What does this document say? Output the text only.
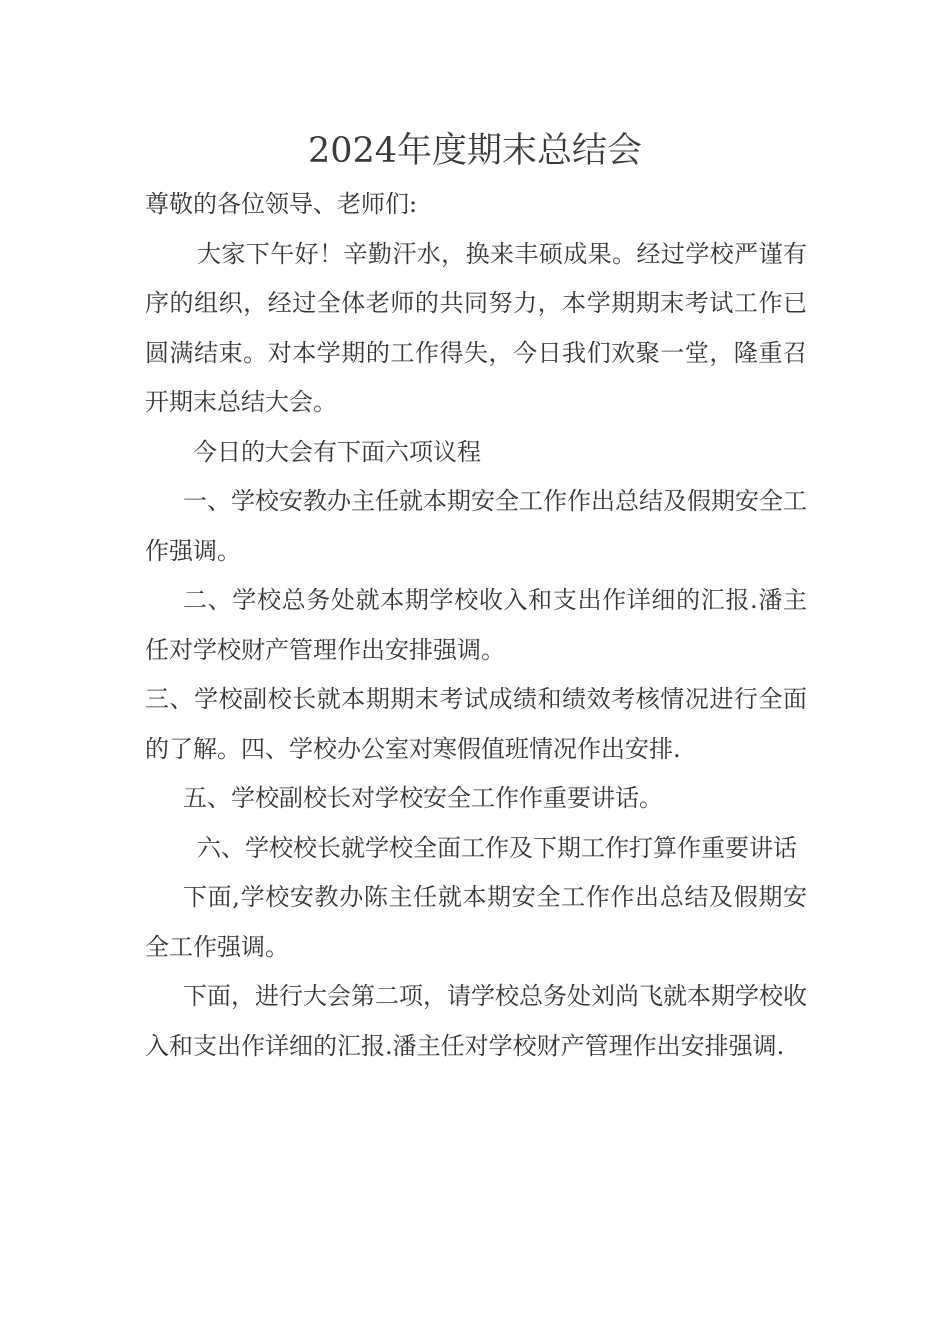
2024年度期末总结会

尊敬的各位领导、老师们:

大家下午好！辛勤汗水，换来丰硕成果。经过学校严谨有序的组织，经过全体老师的共同努力，本学期期末考试工作已圆满结束。对本学期的工作得失，今日我们欢聚一堂，隆重召开期末总结大会。

今日的大会有下面六项议程

一、学校安教办主任就本期安全工作作出总结及假期安全工作强调。

二、学校总务处就本期学校收入和支出作详细的汇报.潘主任对学校财产管理作出安排强调。

三、学校副校长就本期期末考试成绩和绩效考核情况进行全面的了解。四、学校办公室对寒假值班情况作出安排.

五、学校副校长对学校安全工作作重要讲话。

六、学校校长就学校全面工作及下期工作打算作重要讲话

下面,学校安教办陈主任就本期安全工作作出总结及假期安全工作强调。

下面，进行大会第二项，请学校总务处刘尚飞就本期学校收入和支出作详细的汇报.潘主任对学校财产管理作出安排强调.
